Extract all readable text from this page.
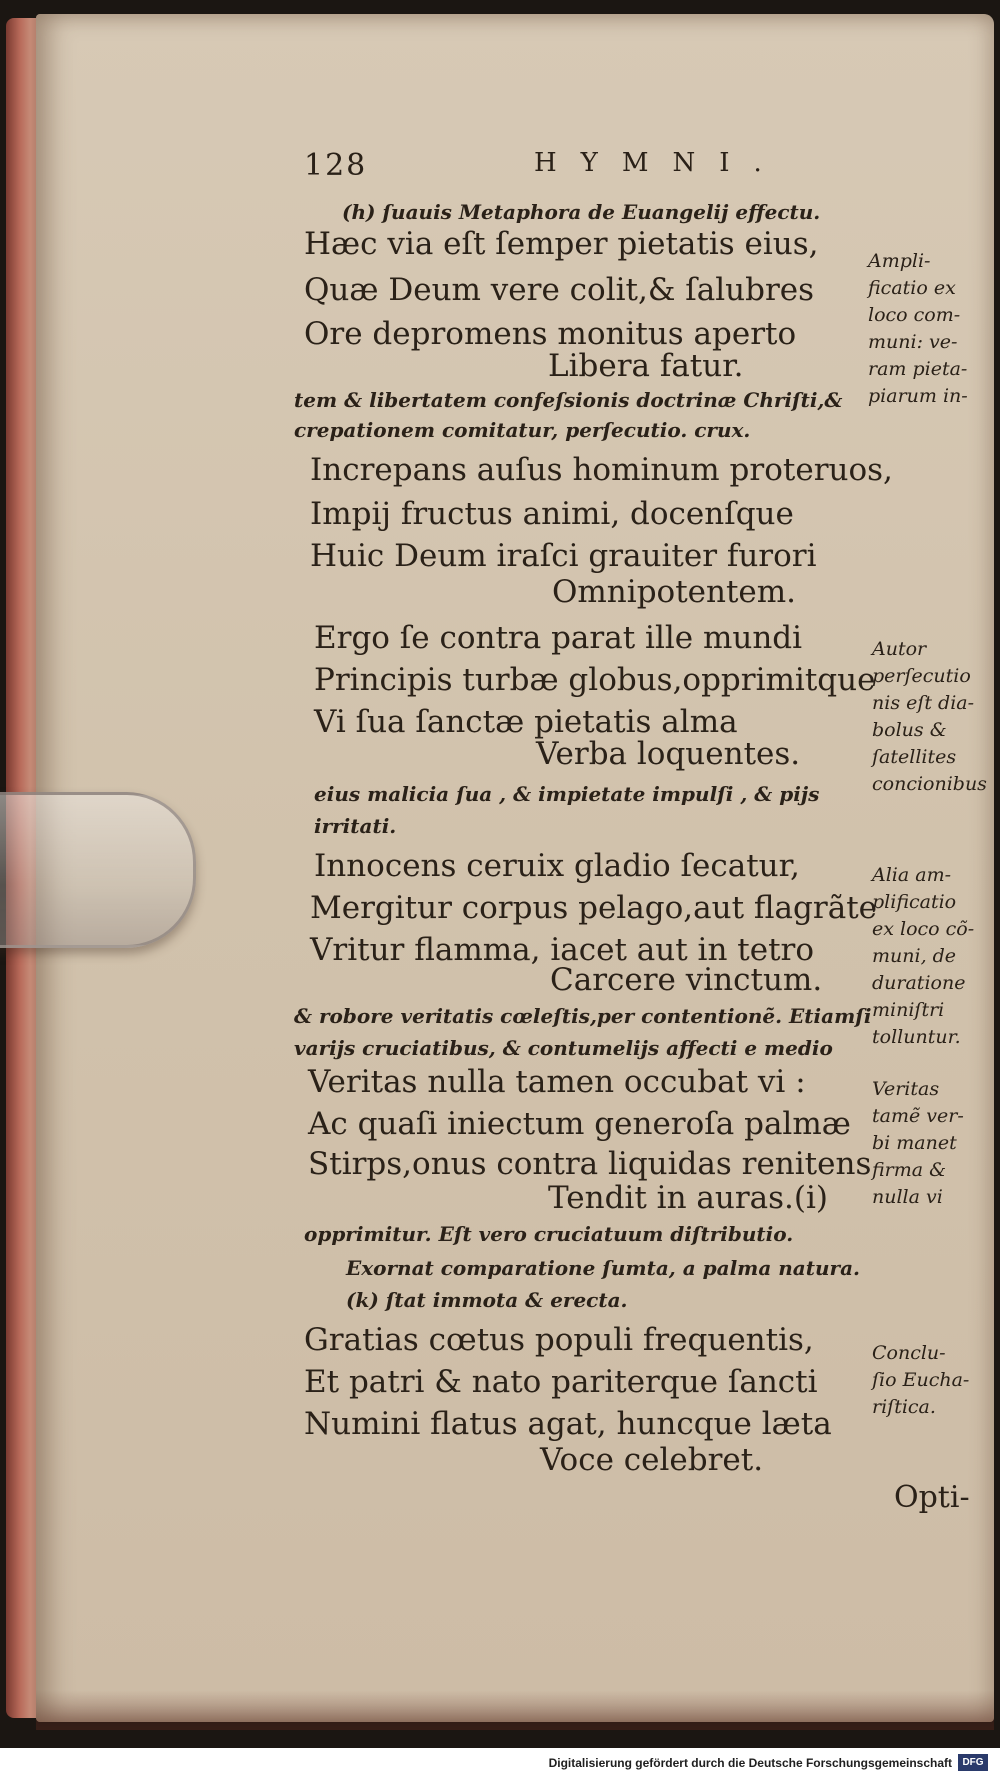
128	HYMNI.
(h) ſuauis Metaphora de Euangelij effectu.
Hæc via eſt ſemper pietatis eius,
Quæ Deum vere colit,& ſalubres
Ore depromens monitus aperto
Libera fatur.
tem & libertatem confeſsionis doctrinæ Chriſti,&
crepationem comitatur, perſecutio. crux.
Increpans auſus hominum proteruos,
Impij fructus animi, docenſque
Huic Deum iraſci grauiter furori
Omnipotentem.
Ergo ſe contra parat ille mundi
Principis turbæ globus,opprimitque
Vi ſua ſanctæ pietatis alma
Verba loquentes.
eius malicia ſua , & impietate impulſi , & pijs
irritati.
Innocens ceruix gladio ſecatur,
Mergitur corpus pelago,aut flagrãte
Vritur flamma, iacet aut in tetro
Carcere vinctum.
& robore veritatis cœleſtis,per contentionẽ. Etiamſi
varijs cruciatibus, & contumelijs affecti e medio
Veritas nulla tamen occubat vi :
Ac quaſi iniectum generoſa palmæ
Stirps,onus contra liquidas renitens
Tendit in auras.(i)
opprimitur. Eſt vero cruciatuum diſtributio.
Exornat comparatione ſumta, a palma natura.
(k) ſtat immota & erecta.
Gratias cœtus populi frequentis,
Et patri & nato pariterque ſancti
Numini flatus agat, huncque læta
Voce celebret.
Ampli-
ficatio ex
loco com-
muni: ve-
ram pieta-
piarum in-
Autor
perſecutio
nis eſt dia-
bolus &
ſatellites
concionibus
Alia am-
plificatio
ex loco cõ-
muni, de
duratione
miniſtri
tolluntur.
Veritas
tamẽ ver-
bi manet
firma &
nulla vi
Conclu-
ſio Eucha-
riſtica.
Opti-
Digitalisierung gefördert durch die Deutsche Forschungsgemeinschaft	DFG
